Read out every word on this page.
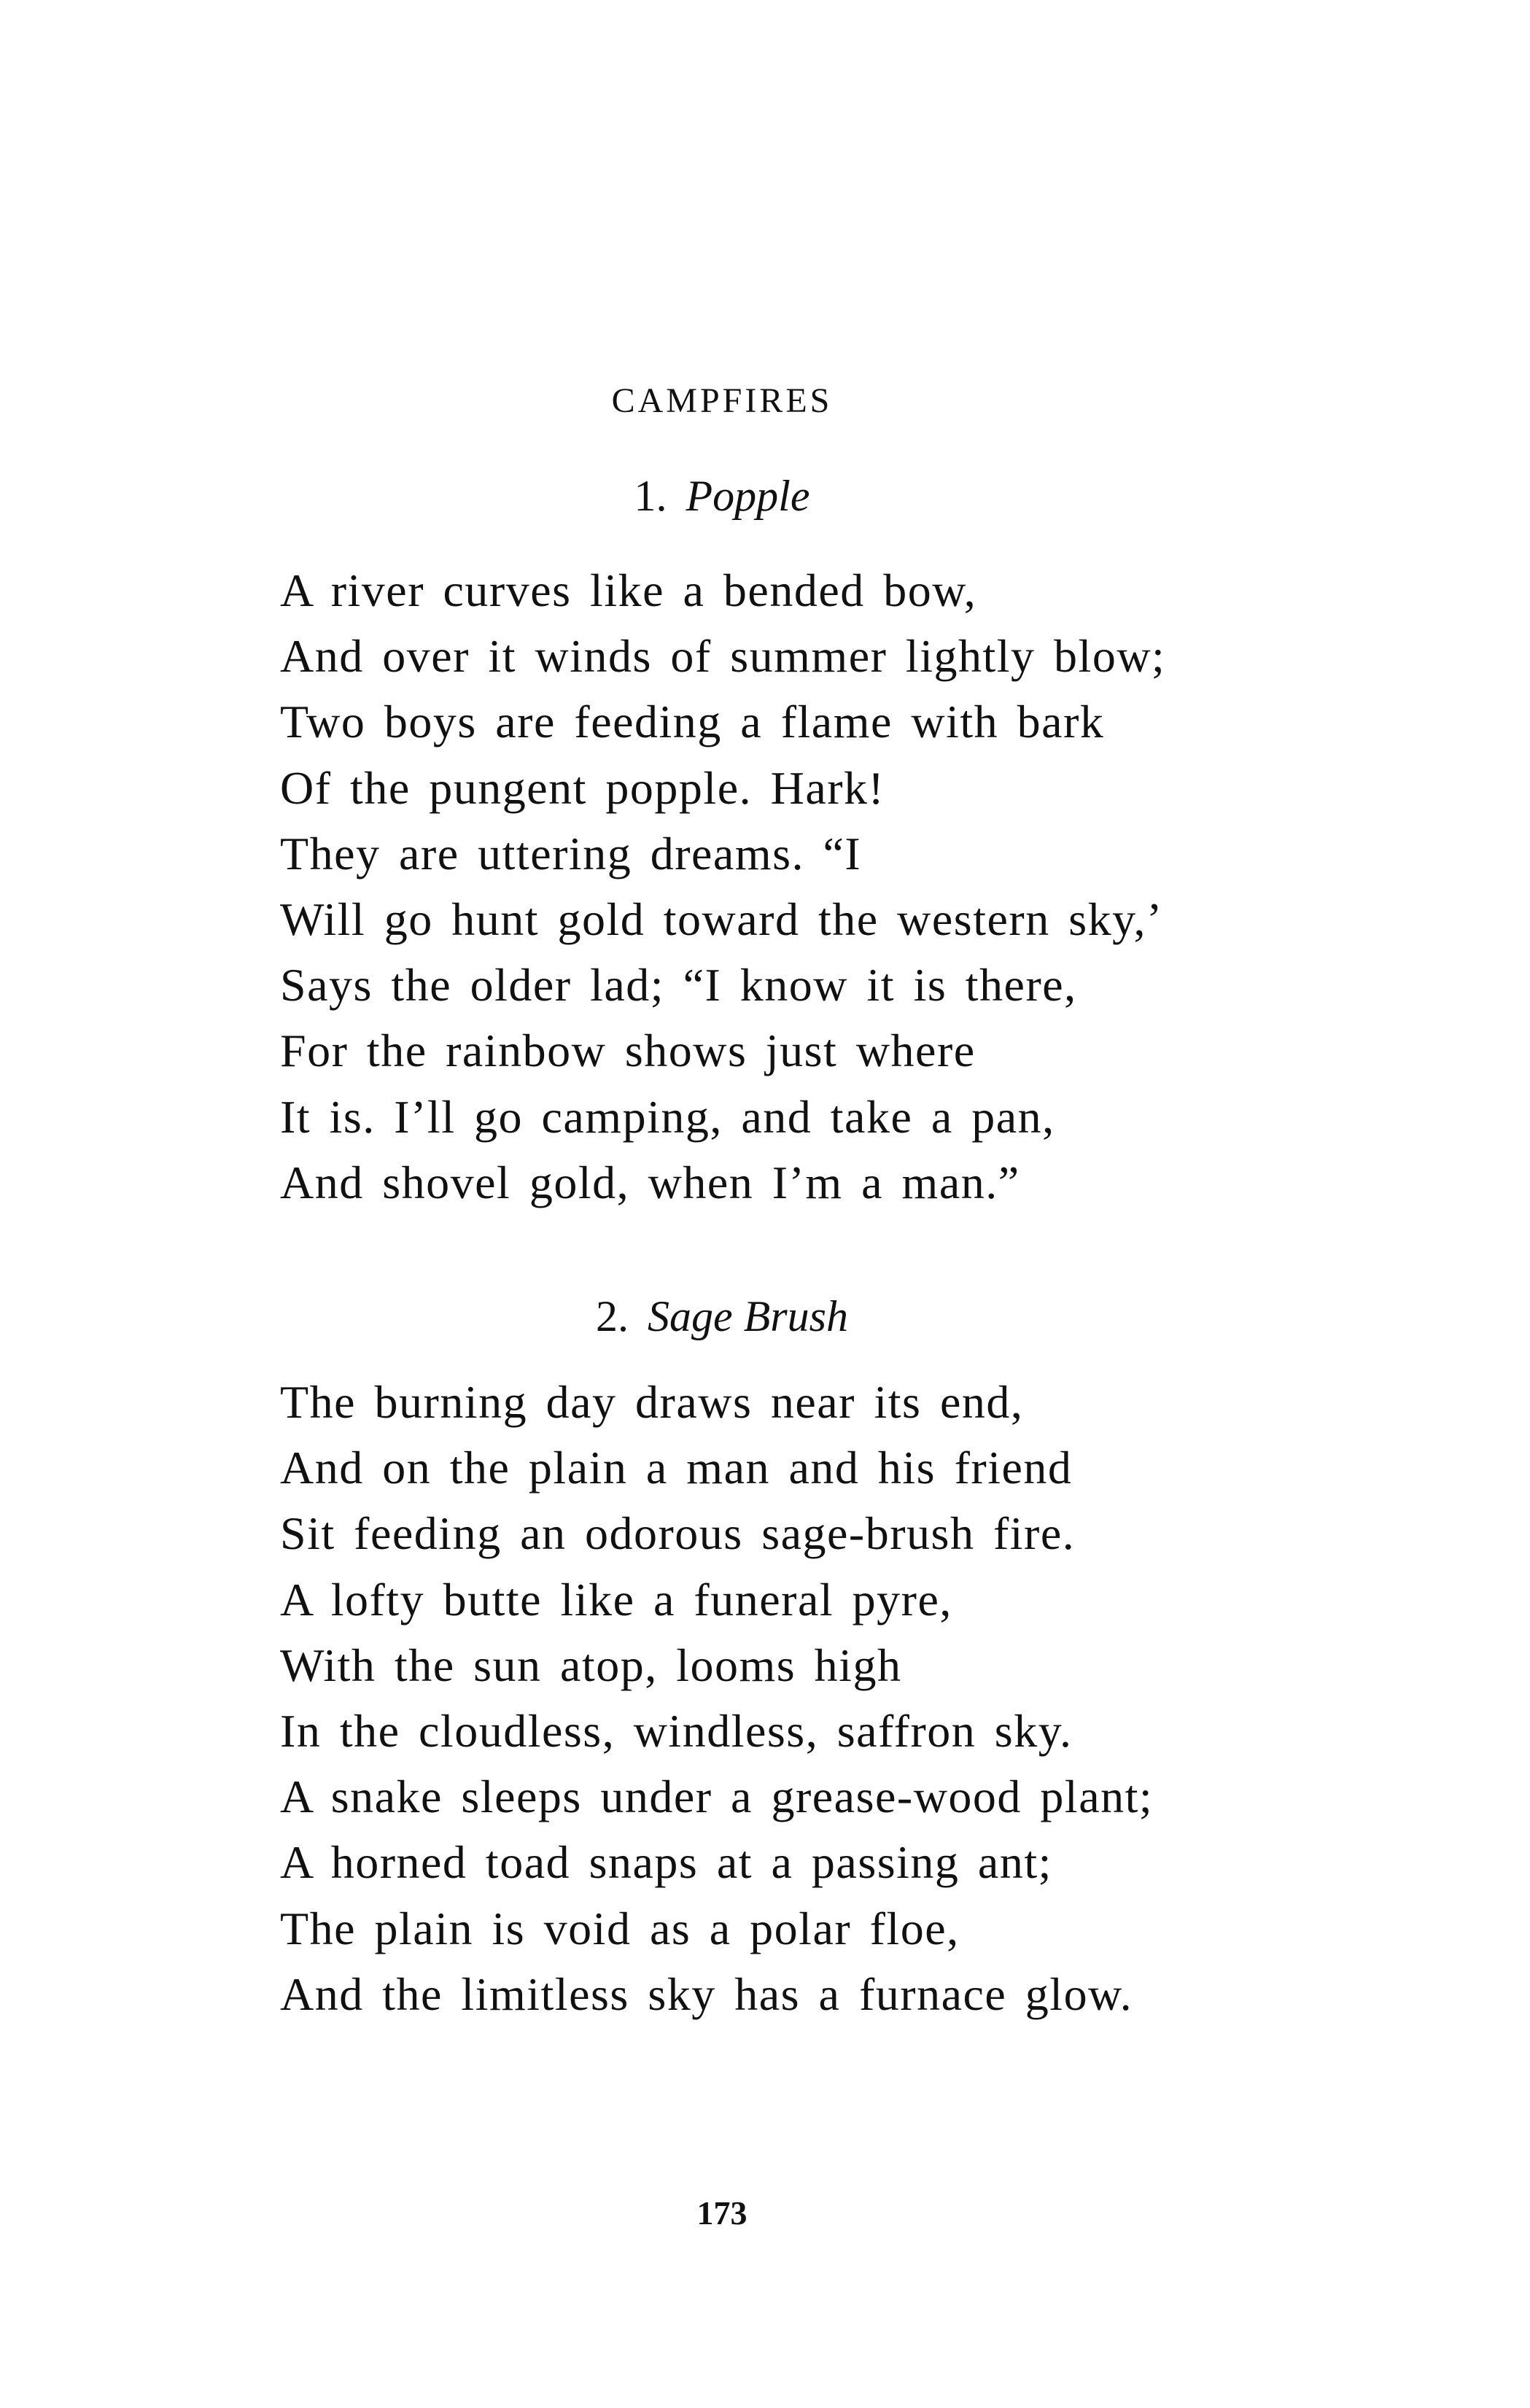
CAMPFIRES
1. Popple
A river curves like a bended bow,
And over it winds of summer lightly blow;
Two boys are feeding a flame with bark
Of the pungent popple. Hark!
They are uttering dreams. “I
Will go hunt gold toward the western sky,’
Says the older lad; “I know it is there,
For the rainbow shows just where
It is. I’ll go camping, and take a pan,
And shovel gold, when I’m a man.”
2. Sage Brush
The burning day draws near its end,
And on the plain a man and his friend
Sit feeding an odorous sage-brush fire.
A lofty butte like a funeral pyre,
With the sun atop, looms high
In the cloudless, windless, saffron sky.
A snake sleeps under a grease-wood plant;
A horned toad snaps at a passing ant;
The plain is void as a polar floe,
And the limitless sky has a furnace glow.
173
